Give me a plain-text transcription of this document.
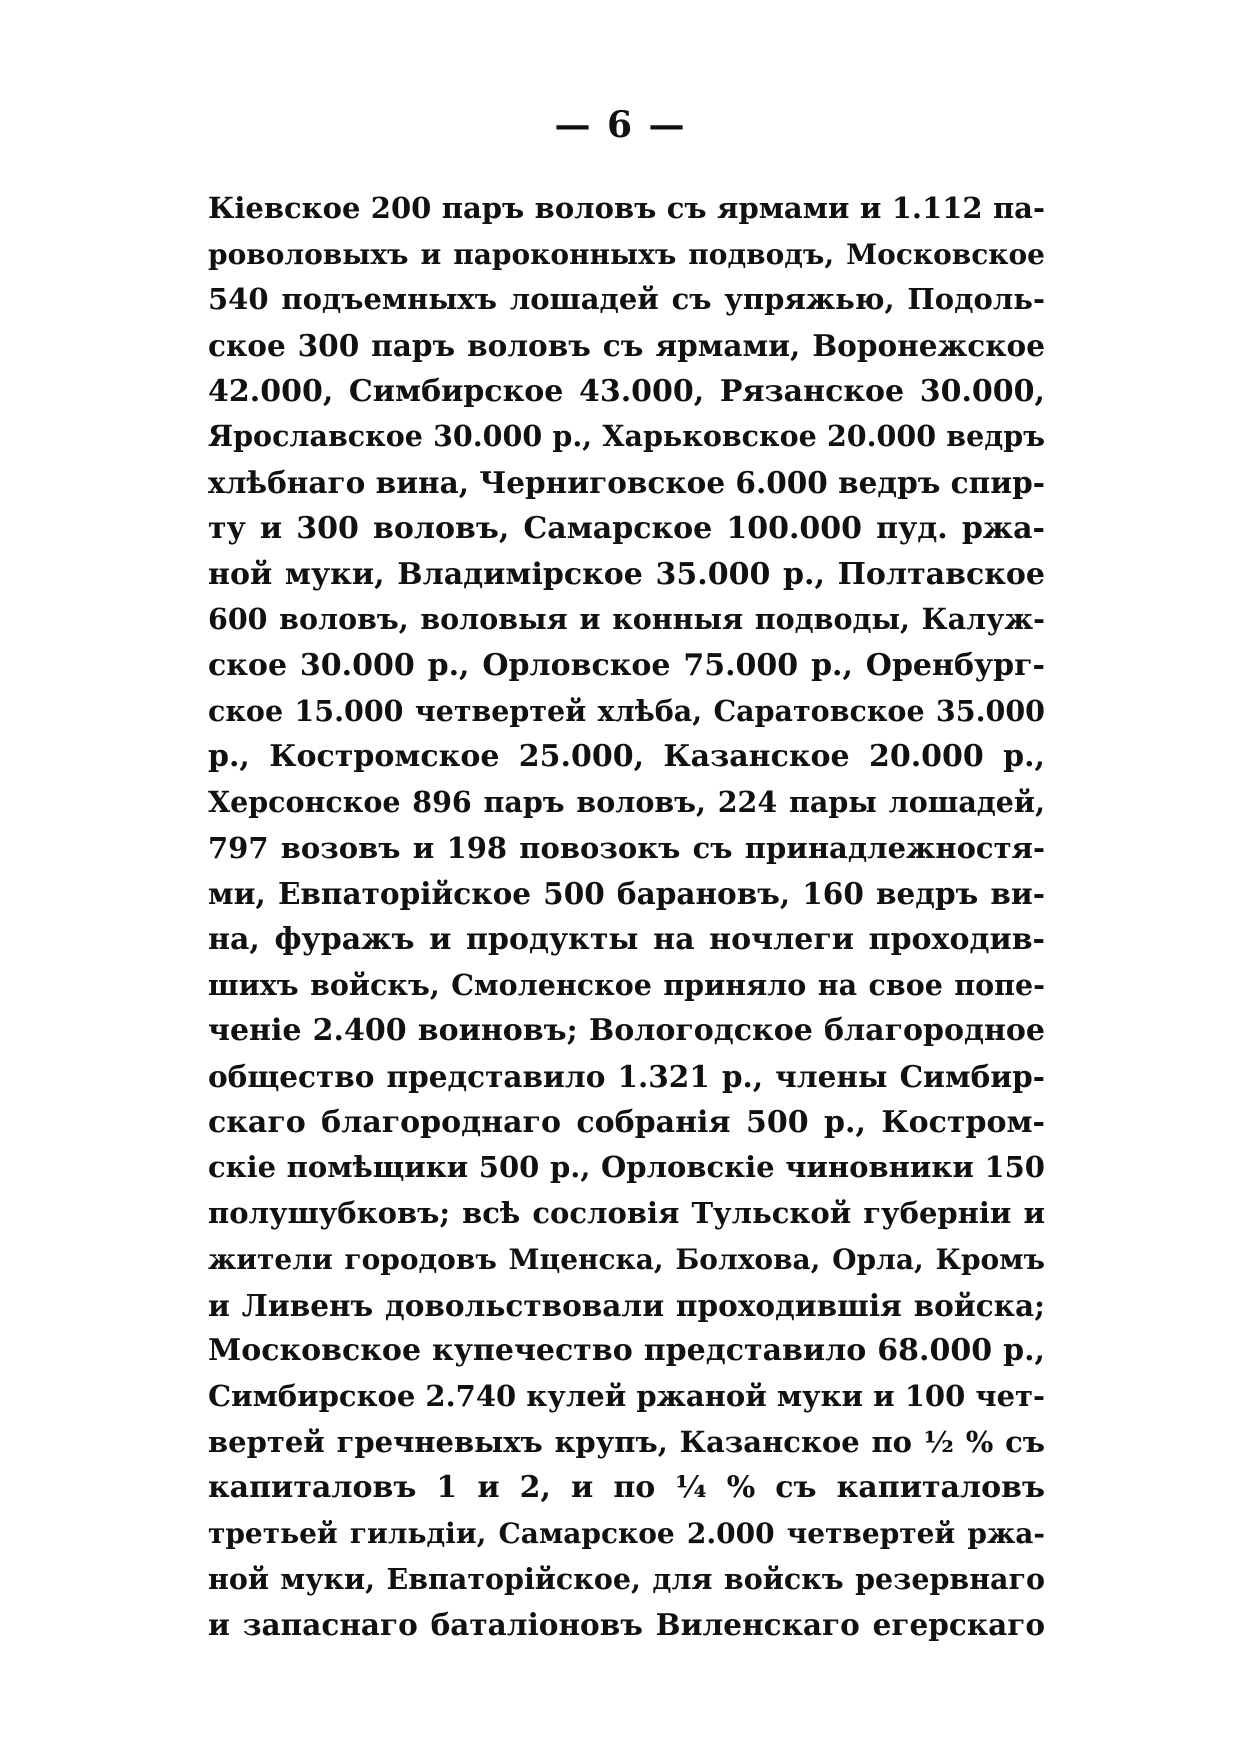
— 6 —
Кіевское 200 паръ воловъ съ ярмами и 1.112 па-
роволовыхъ и пароконныхъ подводъ, Московское
540 подъемныхъ лошадей съ упряжью, Подоль-
ское 300 паръ воловъ съ ярмами, Воронежское
42.000, Симбирское 43.000, Рязанское 30.000,
Ярославское 30.000 р., Харьковское 20.000 ведръ
хлѣбнаго вина, Черниговское 6.000 ведръ спир-
ту и 300 воловъ, Самарское 100.000 пуд. ржа-
ной муки, Владимірское 35.000 р., Полтавское
600 воловъ, воловыя и конныя подводы, Калуж-
ское 30.000 р., Орловское 75.000 р., Оренбург-
ское 15.000 четвертей хлѣба, Саратовское 35.000
р., Костромское 25.000, Казанское 20.000 р.,
Херсонское 896 паръ воловъ, 224 пары лошадей,
797 возовъ и 198 повозокъ съ принадлежностя-
ми, Евпаторійское 500 барановъ, 160 ведръ ви-
на, фуражъ и продукты на ночлеги проходив-
шихъ войскъ, Смоленское приняло на свое попе-
ченіе 2.400 воиновъ; Вологодское благородное
общество представило 1.321 р., члены Симбир-
скаго благороднаго собранія 500 р., Костром-
скіе помѣщики 500 р., Орловскіе чиновники 150
полушубковъ; всѣ сословія Тульской губерніи и
жители городовъ Мценска, Болхова, Орла, Кромъ
и Ливенъ довольствовали проходившія войска;
Московское купечество представило 68.000 р.,
Симбирское 2.740 кулей ржаной муки и 100 чет-
вертей гречневыхъ крупъ, Казанское по ½ % съ
капиталовъ 1 и 2, и по ¼ % съ капиталовъ
третьей гильдіи, Самарское 2.000 четвертей ржа-
ной муки, Евпаторійское, для войскъ резервнаго
и запаснаго баталіоновъ Виленскаго егерскаго
